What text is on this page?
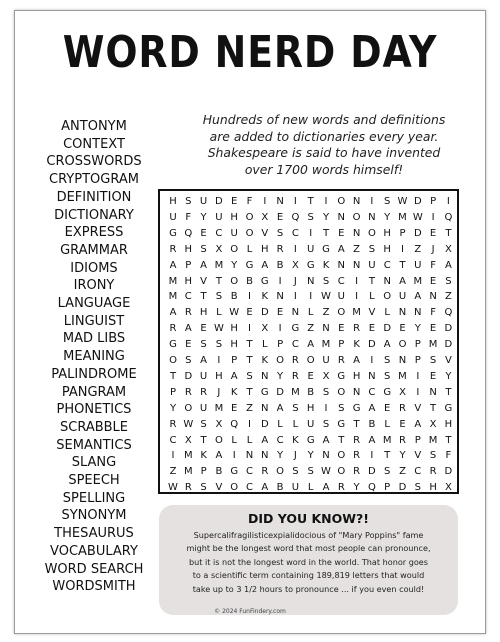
WORD NERD DAY
ANTONYM
CONTEXT
CROSSWORDS
CRYPTOGRAM
DEFINITION
DICTIONARY
EXPRESS
GRAMMAR
IDIOMS
IRONY
LANGUAGE
LINGUIST
MAD LIBS
MEANING
PALINDROME
PANGRAM
PHONETICS
SCRABBLE
SEMANTICS
SLANG
SPEECH
SPELLING
SYNONYM
THESAURUS
VOCABULARY
WORD SEARCH
WORDSMITH
Hundreds of new words and definitions
are added to dictionaries every year.
Shakespeare is said to have invented
over 1700 words himself!
H S U D E F	I	N	I	T	I O N	I	S W D P	I
U F Y U H O X E Q S Y N O N Y M W I Q
G Q E C U O V S C	I	T E N O H P D E T
R H S X O L H R	I	U G A Z S H	I	Z	J	X
A P A M Y G A B X G K N N U C T U F A
M H V T O B G I	J	N S C	I	T N A M E S
M C T S B	I	K N	I	I W U	I	L O U A N Z
A R H L W E D E N L Z O M V L N N F Q
R A E W H	I	X	I G Z N E R E D E Y E D
G E S S H T L P C A M P K D A O P M D
O S A	I	P T K O R O U R A	I	S N P S V
T D U H A S N Y R E X G H N S M I	E Y
P R R	J	K T G D M B S O N C G X	I	N T
Y O U M E Z N A S H	I	S G A E R V T G
R W S X Q I D L L U S G T B L E A X H
C X T O L L A C K G A T R A M R P M T
I M K A	I	N N Y	J	Y N O R	I	T Y V S F
Z M P B G C R O S S W O R D S Z C R D
W R S V O C A B U L A R Y Q P D S H X
DID YOU KNOW?!
Supercalifragilisticexpialidocious of "Mary Poppins" fame
might be the longest word that most people can pronounce,
but it is not the longest word in the world. That honor goes
to a scientific term containing 189,819 letters that would
take up to 3 1/2 hours to pronounce ... if you even could!
© 2024 FunFindery.com
